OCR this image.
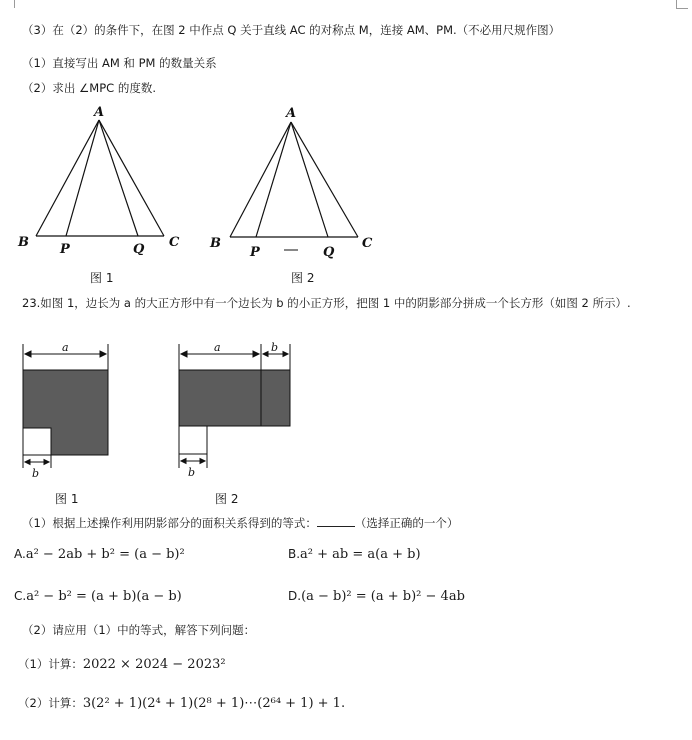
（3）在（2）的条件下，在图 2 中作点 Q 关于直线 AC 的对称点 M，连接 AM、PM.（不必用尺规作图）
（1）直接写出 AM 和 PM 的数量关系
（2）求出 ∠MPC 的度数.
A
B P	Q C
图 1
A
B
P	Q
C
图 2
23.如图 1，边长为 a 的大正方形中有一个边长为 b 的小正方形，把图 1 中的阴影部分拼成一个长方形（如图 2 所示）.
a
b
图 1
a	b
b
图 2
（1）根据上述操作利用阴影部分的面积关系得到的等式：	（选择正确的一个）
A.a² − 2ab + b² = (a − b)²	B.a² + ab = a(a + b)
C.a² − b² = (a + b)(a − b)	D.(a − b)² = (a + b)² − 4ab
（2）请应用（1）中的等式，解答下列问题：
（1）计算：2022 × 2024 − 2023²
（2）计算：3(2² + 1)(2⁴ + 1)(2⁸ + 1)⋯(2⁶⁴ + 1) + 1.
